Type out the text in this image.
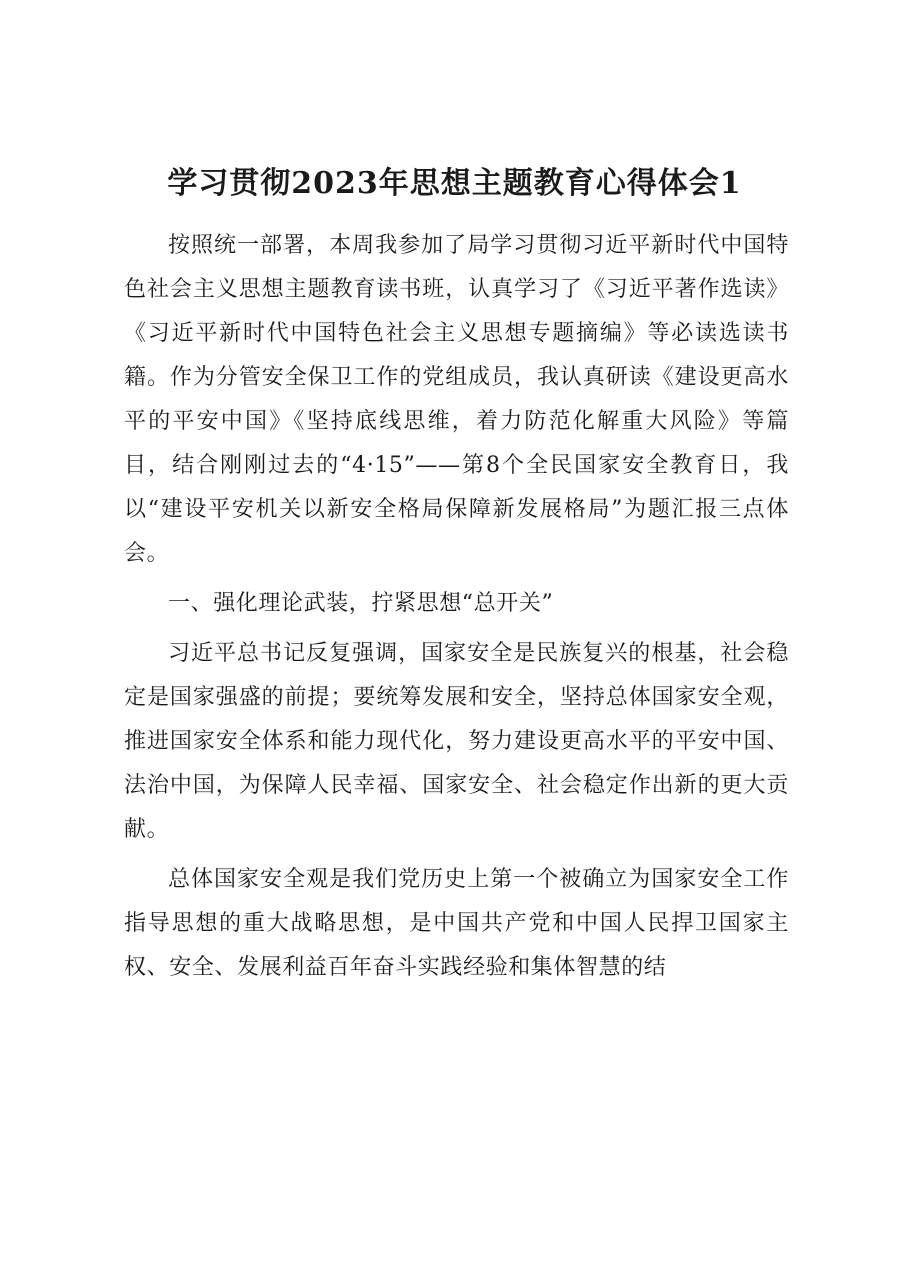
学习贯彻2023年思想主题教育心得体会1

按照统一部署，本周我参加了局学习贯彻习近平新时代中国特色社会主义思想主题教育读书班，认真学习了《习近平著作选读》《习近平新时代中国特色社会主义思想专题摘编》等必读选读书籍。作为分管安全保卫工作的党组成员，我认真研读《建设更高水平的平安中国》《坚持底线思维，着力防范化解重大风险》等篇目，结合刚刚过去的“4·15”——第8个全民国家安全教育日，我以“建设平安机关以新安全格局保障新发展格局”为题汇报三点体会。

一、强化理论武装，拧紧思想“总开关”

习近平总书记反复强调，国家安全是民族复兴的根基，社会稳定是国家强盛的前提；要统筹发展和安全，坚持总体国家安全观，推进国家安全体系和能力现代化，努力建设更高水平的平安中国、法治中国，为保障人民幸福、国家安全、社会稳定作出新的更大贡献。

总体国家安全观是我们党历史上第一个被确立为国家安全工作指导思想的重大战略思想，是中国共产党和中国人民捍卫国家主权、安全、发展利益百年奋斗实践经验和集体智慧的结
